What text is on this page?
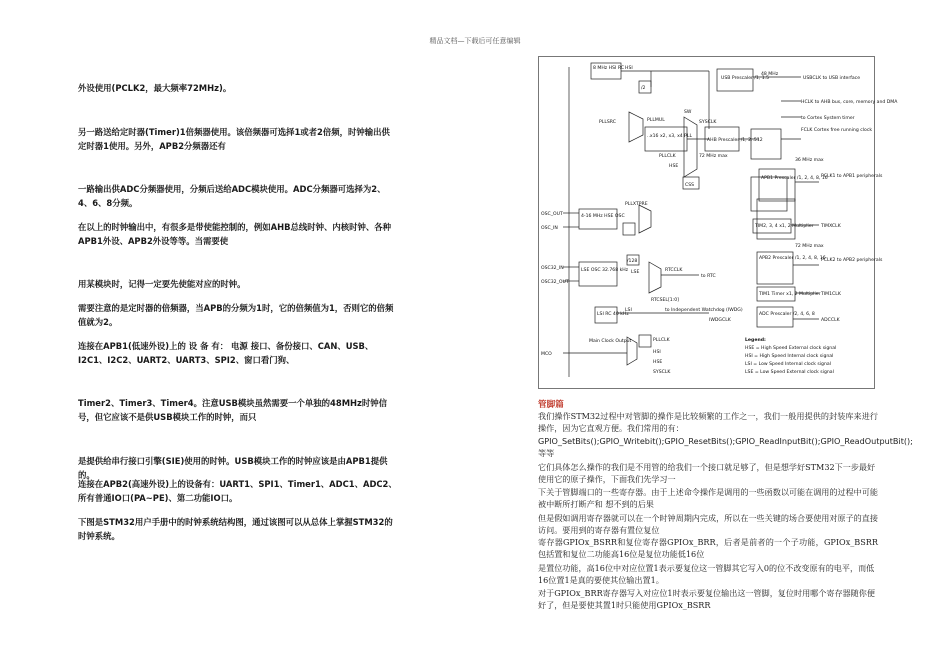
精品文档—下载后可任意编辑

外设使用(PCLK2，最大频率72MHz)。

另一路送给定时器(Timer)1倍频器使用。该倍频器可选择1或者2倍频，时钟输出供定时器1使用。另外，APB2分频器还有

一路输出供ADC分频器使用，分频后送给ADC模块使用。ADC分频器可选择为2、4、6、8分频。

在以上的时钟输出中，有很多是带使能控制的，例如AHB总线时钟、内核时钟、各种APB1外设、APB2外设等等。当需要使

用某模块时，记得一定要先使能对应的时钟。

需要注意的是定时器的倍频器，当APB的分频为1时，它的倍频值为1，否则它的倍频值就为2。

连接在APB1(低速外设)上的 设 备 有： 电源 接口、备份接口、CAN、USB、I2C1、I2C2、UART2、UART3、SPI2、窗口看门狗、

Timer2、Timer3、Timer4。注意USB模块虽然需要一个单独的48MHz时钟信号，但它应该不是供USB模块工作的时钟，而只

是提供给串行接口引擎(SIE)使用的时钟。USB模块工作的时钟应该是由APB1提供的。

连接在APB2(高速外设)上的设备有：UART1、SPI1、Timer1、ADC1、ADC2、所有普通IO口(PA~PE)、第二功能IO口。

下图是STM32用户手册中的时钟系统结构图，通过该图可以从总体上掌握STM32的时钟系统。

8 MHz HSI RC HSI
/2
PLLSRC	PLLMUL
..x16 x2, x3, x4 PLL
SW
PLLCLK
HSE
SYSCLK
72 MHz max
USB Prescaler /1, 1.5
48 MHz
USBCLK to USB interface
AHB Prescaler /1, 2..512
HCLK to AHB bus, core, memory and DMA
to Cortex System timer
FCLK Cortex free running clock
CSS
APB1 Prescaler /1, 2, 4, 8, 16
36 MHz max
PCLK1 to APB1 peripherals
TIM2, 3, 4 x1, 2 Multiplier TIMXCLK
APB2 Prescaler /1, 2, 4, 8, 16
72 MHz max
PCLK2 to APB2 peripherals
TIM1 Timer x1, 2 Multiplier TIM1CLK
ADC Prescaler /2, 4, 6, 8
ADCCLK
OSC_OUT
OSC_IN
4-16 MHz HSE OSC
PLLXTPRE
OSC32_IN
OSC32_OUT
LSE OSC 32.768 kHz
/128
LSE	RTCCLK
to RTC
RTCSEL[1:0]
LSI RC 40 kHz
LSI	to Independent Watchdog (IWDG)
IWDGCLK
MCO
Main Clock Output	PLLCLK
HSI
HSE
SYSCLK
Legend:
HSE = High Speed External clock signal
HSI = High Speed Internal clock signal
LSI = Low Speed Internal clock signal
LSE = Low Speed External clock signal
管脚篇

我们操作STM32过程中对管脚的操作是比较频繁的工作之一，我们一般用提供的封装库来进行操作，因为它直观方便。我们常用的有：

GPIO_SetBits();GPIO_Writebit();GPIO_ResetBits();GPIO_ReadInputBit();GPIO_ReadOutputBit();等等

它们具体怎么操作的我们是不用管的给我们一个接口就足够了，但是想学好STM32下一步最好使用它的原子操作，下面我们先学习一

下关于管脚端口的一些寄存器。由于上述命令操作是调用的一些函数以可能在调用的过程中可能被中断所打断产和 想不到的后果

但是假如调用寄存器就可以在一个时钟周期内完成，所以在一些关键的场合要使用对原子的直接访问。要用到的寄存器有置位复位

寄存器GPIOx_BSRR和复位寄存器GPIOx_BRR，后者是前者的一个子功能，GPIOx_BSRR包括置和复位二功能高16位是复位功能低16位

是置位功能，高16位中对应位置1表示要复位这一管脚其它写入0的位不改变原有的电平，而低16位置1是真的要使其位输出置1。

对于GPIOx_BRR寄存器写入对应位1时表示要复位输出这一管脚，复位时用哪个寄存器随你便好了，但是要使其置1时只能使用GPIOx_BSRR
